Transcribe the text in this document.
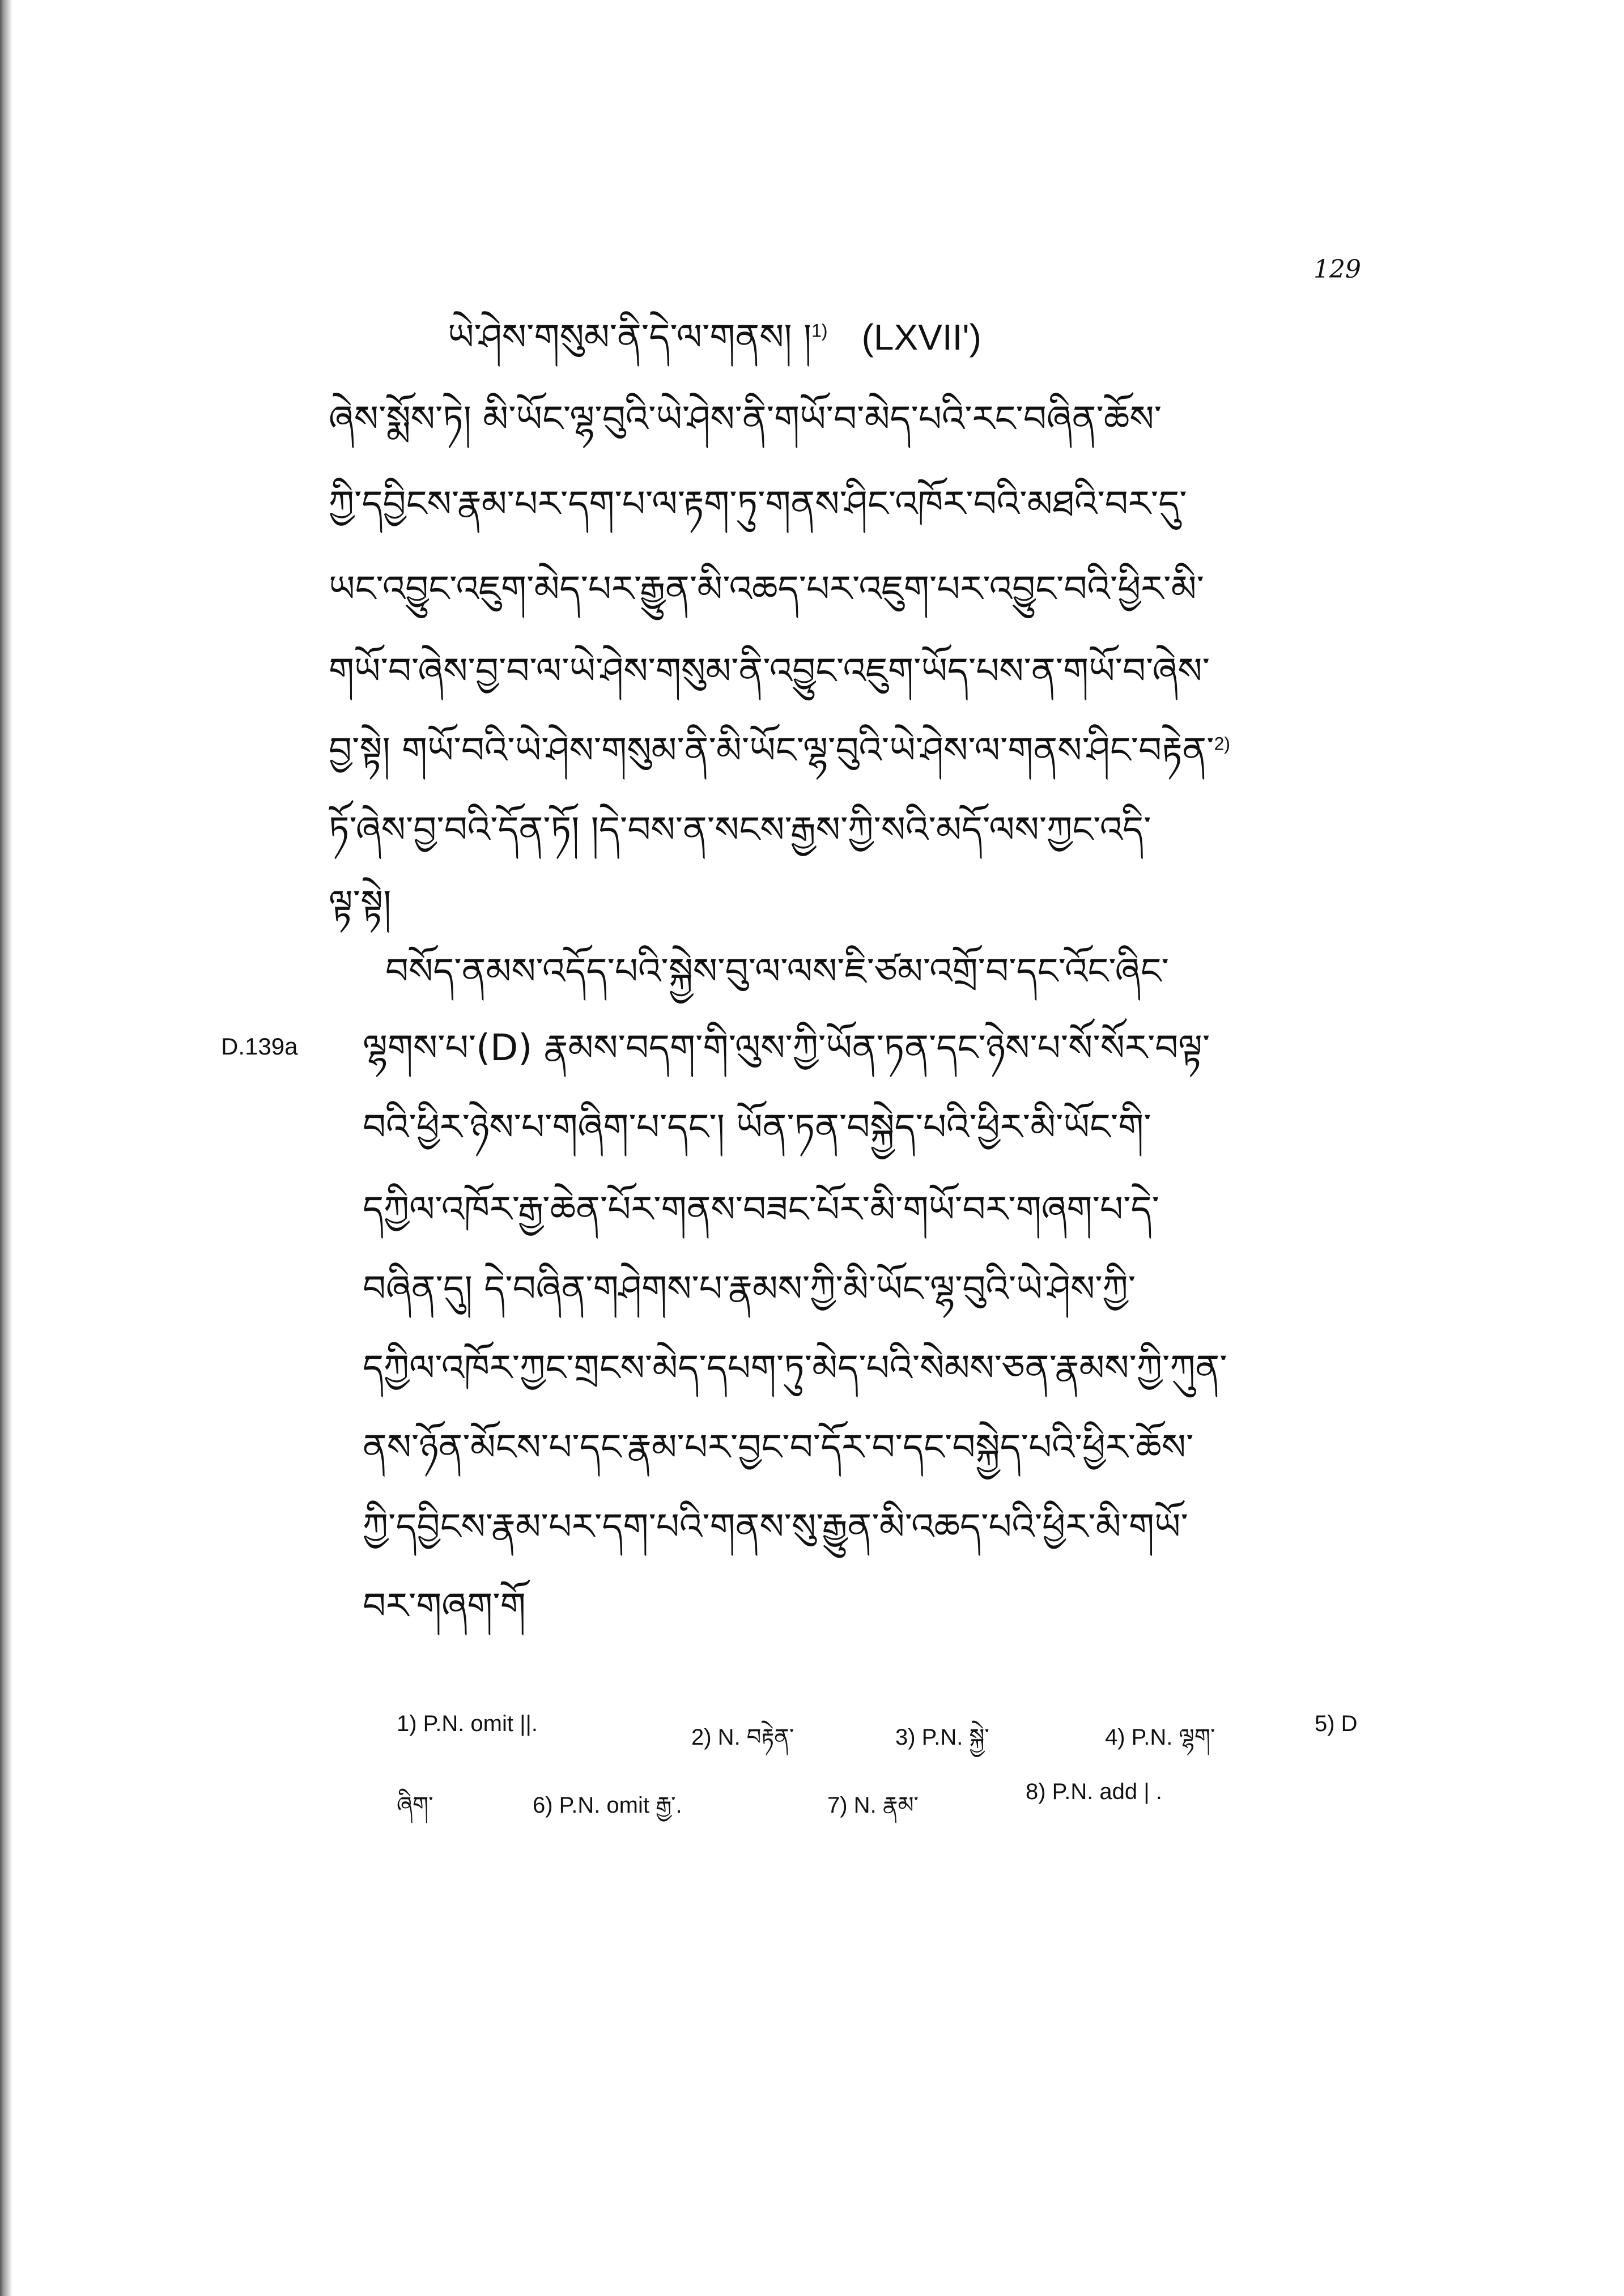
129
ཡེ་ཤེས་གསུམ་ནི་དེ་ལ་གནས། །$^{1)}$ (LXVII')
ཞེས་སྨོས་ཏེ། མི་ཡོང་ལྷ་བུའི་ཡེ་ཤེས་ནི་གཡོ་བ་མེད་པའི་རང་བཞིན་ཆོས་
ཀྱི་དབྱིངས་རྣམ་པར་དག་པ་ལ་རྟག་ཏུ་གནས་ཤིང་འཁོར་བའི་མཐའི་བར་དུ་
ཡང་འབྱུང་འཇུག་མེད་པར་རྒྱུན་མི་འཆད་པར་འཇུག་པར་འབྱུང་བའི་ཕྱིར་མི་
གཡོ་བ་ཞེས་བྱ་བ་ལ་ཡེ་ཤེས་གསུམ་ནི་འབྱུང་འཇུག་ཡོད་པས་ན་གཡོ་བ་ཞེས་
བྱ་སྟེ། གཡོ་བའི་ཡེ་ཤེས་གསུམ་ནི་མི་ཡོང་ལྷ་བུའི་ཡེ་ཤེས་ལ་གནས་ཤིང་བརྟེན་$^{2)}$
ཏོ་ཞེས་བྱ་བའི་དོན་ཏོ། །དེ་བས་ན་སངས་རྒྱས་ཀྱི་སའི་མདོ་ལས་ཀྱང་འདི་
ལྟ་སྟེ།
D.139a
བསོད་ནམས་འདོད་པའི་སྐྱེས་བུ་ལ་ལས་ཇི་ཙམ་འགྲོ་བ་དང་འོང་ཞིང་
ལྷགས་པ་(D) རྣམས་བདག་གི་ལུས་ཀྱི་ཡོན་ཏན་དང་ཉེས་པ་སོ་སོར་བལྟ་
བའི་ཕྱིར་ཉེས་པ་གཞིག་པ་དང་། ཡོན་ཏན་བསྐྱེད་པའི་ཕྱིར་མི་ཡོང་གི་
དཀྱིལ་འཁོར་རྒྱ་ཆེན་པོར་གནས་བཟང་པོར་མི་གཡོ་བར་གཞག་པ་དེ་
བཞིན་དུ། དེ་བཞིན་གཤེགས་པ་རྣམས་ཀྱི་མི་ཡོང་ལྷ་བུའི་ཡེ་ཤེས་ཀྱི་
དཀྱིལ་འཁོར་ཀྱང་གྲངས་མེད་དཔག་ཏུ་མེད་པའི་སེམས་ཅན་རྣམས་ཀྱི་ཀུན་
ནས་ཉོན་མོངས་པ་དང་རྣམ་པར་བྱང་བ་དོར་བ་དང་བསྐྱེད་པའི་ཕྱིར་ཆོས་
ཀྱི་དབྱིངས་རྣམ་པར་དག་པའི་གནས་སུ་རྒྱུན་མི་འཆད་པའི་ཕྱིར་མི་གཡོ་
བར་གཞག་གོ
1) P.N. omit ||.
2) N. བརྟེན་	3) P.N. སྐྱེ་	4) P.N. ལྷག་
5) D
ཞིག་	6) P.N. omit རྒྱ་.	7) N. རྣམ་
8) P.N. add | .
